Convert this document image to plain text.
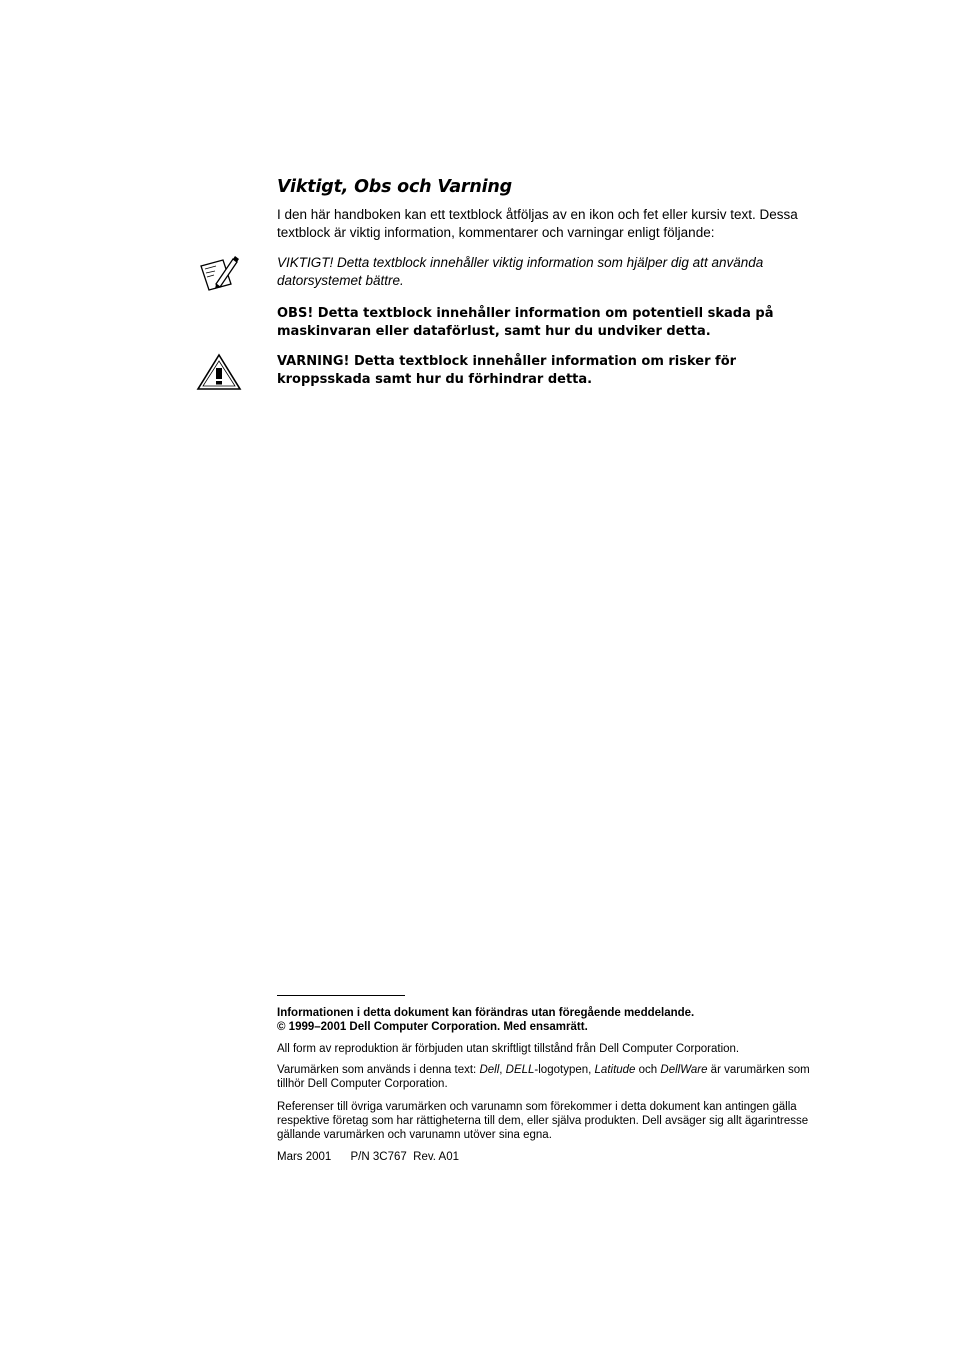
Viktigt, Obs och Varning

I den här handboken kan ett textblock åtföljas av en ikon och fet eller kursiv text. Dessa textblock är viktig information, kommentarer och varningar enligt följande:

VIKTIGT! Detta textblock innehåller viktig information som hjälper dig att använda datorsystemet bättre.

OBS! Detta textblock innehåller information om potentiell skada på maskinvaran eller dataförlust, samt hur du undviker detta.

VARNING! Detta textblock innehåller information om risker för kroppsskada samt hur du förhindrar detta.

Informationen i detta dokument kan förändras utan föregående meddelande.
© 1999–2001 Dell Computer Corporation. Med ensamrätt.

All form av reproduktion är förbjuden utan skriftligt tillstånd från Dell Computer Corporation.

Varumärken som används i denna text: Dell, DELL-logotypen, Latitude och DellWare är varumärken som tillhör Dell Computer Corporation.

Referenser till övriga varumärken och varunamn som förekommer i detta dokument kan antingen gälla respektive företag som har rättigheterna till dem, eller själva produkten. Dell avsäger sig allt ägarintresse gällande varumärken och varunamn utöver sina egna.

Mars 2001 P/N 3C767 Rev. A01
